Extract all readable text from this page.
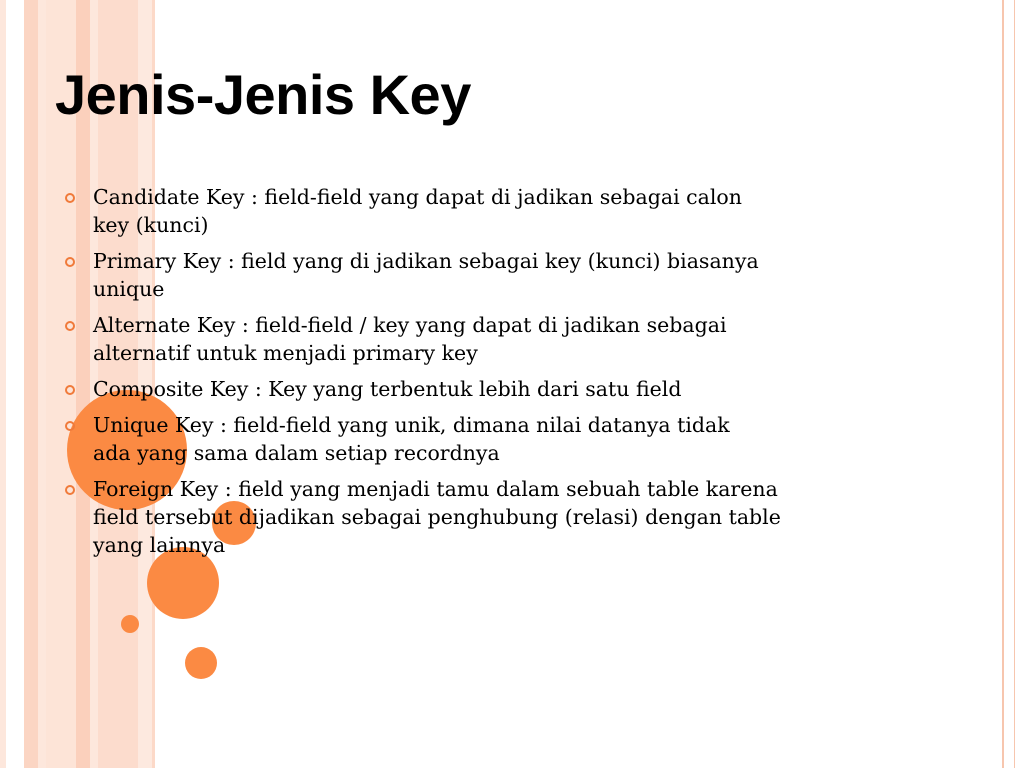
Jenis-Jenis Key
Candidate Key : field-field yang dapat di jadikan sebagai calon
key (kunci)
Primary Key : field yang di jadikan sebagai key (kunci) biasanya
unique
Alternate Key : field-field / key yang dapat di jadikan sebagai
alternatif untuk menjadi primary key
Composite Key : Key yang terbentuk lebih dari satu field
Unique Key : field-field yang unik, dimana nilai datanya tidak
ada yang sama dalam setiap recordnya
Foreign Key : field yang menjadi tamu dalam sebuah table karena
field tersebut dijadikan sebagai penghubung (relasi) dengan table
yang lainnya
